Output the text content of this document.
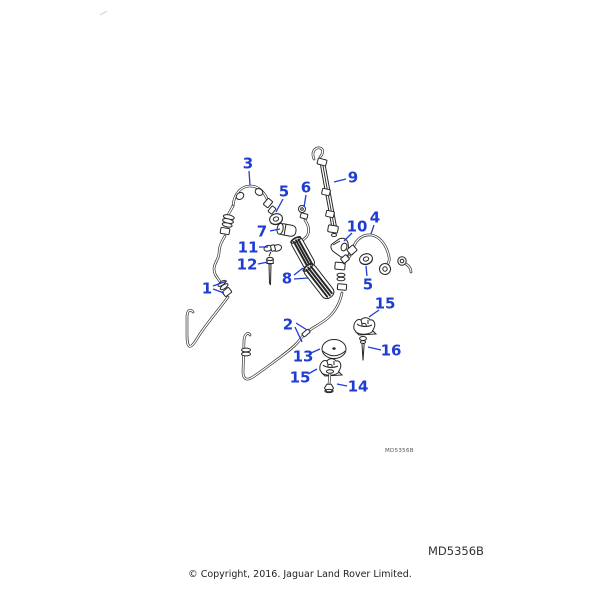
MD5356B
3
5 6
9
4
10
7
11
12
8	5
1
15
2
16
13
15 14
MD5356B
© Copyright, 2016. Jaguar Land Rover Limited.
